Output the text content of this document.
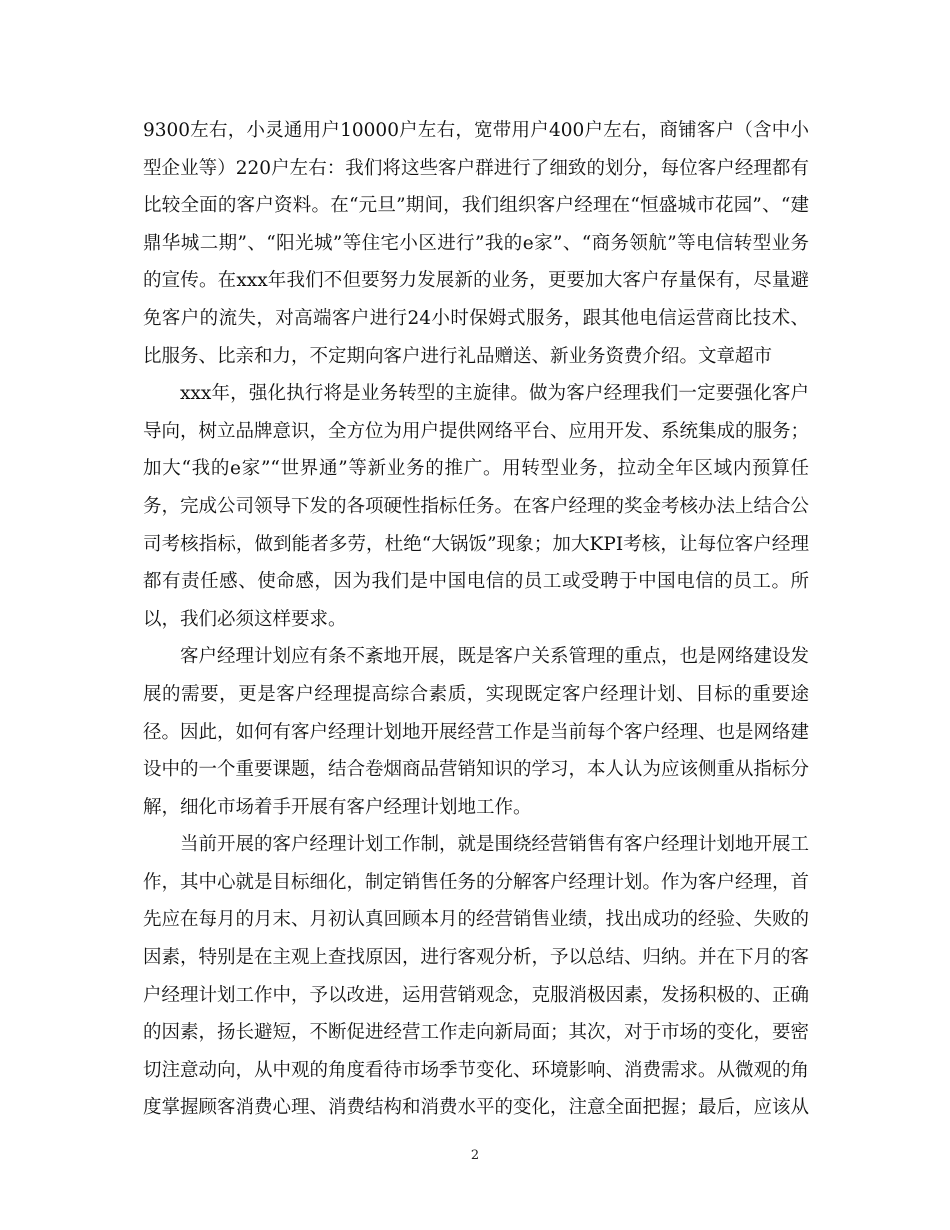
9300左右，小灵通用户10000户左右，宽带用户400户左右，商铺客户（含中小型企业等）220户左右：我们将这些客户群进行了细致的划分，每位客户经理都有比较全面的客户资料。在“元旦”期间，我们组织客户经理在“恒盛城市花园”、“建鼎华城二期”、“阳光城”等住宅小区进行”我的e家”、“商务领航”等电信转型业务的宣传。在xxx年我们不但要努力发展新的业务，更要加大客户存量保有，尽量避免客户的流失，对高端客户进行24小时保姆式服务，跟其他电信运营商比技术、比服务、比亲和力，不定期向客户进行礼品赠送、新业务资费介绍。文章超市

xxx年，强化执行将是业务转型的主旋律。做为客户经理我们一定要强化客户导向，树立品牌意识，全方位为用户提供网络平台、应用开发、系统集成的服务；加大“我的e家”“世界通”等新业务的推广。用转型业务，拉动全年区域内预算任务，完成公司领导下发的各项硬性指标任务。在客户经理的奖金考核办法上结合公司考核指标，做到能者多劳，杜绝“大锅饭”现象；加大KPI考核，让每位客户经理都有责任感、使命感，因为我们是中国电信的员工或受聘于中国电信的员工。所以，我们必须这样要求。

客户经理计划应有条不紊地开展，既是客户关系管理的重点，也是网络建设发展的需要，更是客户经理提高综合素质，实现既定客户经理计划、目标的重要途径。因此，如何有客户经理计划地开展经营工作是当前每个客户经理、也是网络建设中的一个重要课题，结合卷烟商品营销知识的学习，本人认为应该侧重从指标分解，细化市场着手开展有客户经理计划地工作。

当前开展的客户经理计划工作制，就是围绕经营销售有客户经理计划地开展工作，其中心就是目标细化，制定销售任务的分解客户经理计划。作为客户经理，首先应在每月的月末、月初认真回顾本月的经营销售业绩，找出成功的经验、失败的因素，特别是在主观上查找原因，进行客观分析，予以总结、归纳。并在下月的客户经理计划工作中，予以改进，运用营销观念，克服消极因素，发扬积极的、正确的因素，扬长避短，不断促进经营工作走向新局面；其次，对于市场的变化，要密切注意动向，从中观的角度看待市场季节变化、环境影响、消费需求。从微观的角度掌握顾客消费心理、消费结构和消费水平的变化，注意全面把握；最后，应该从

2
